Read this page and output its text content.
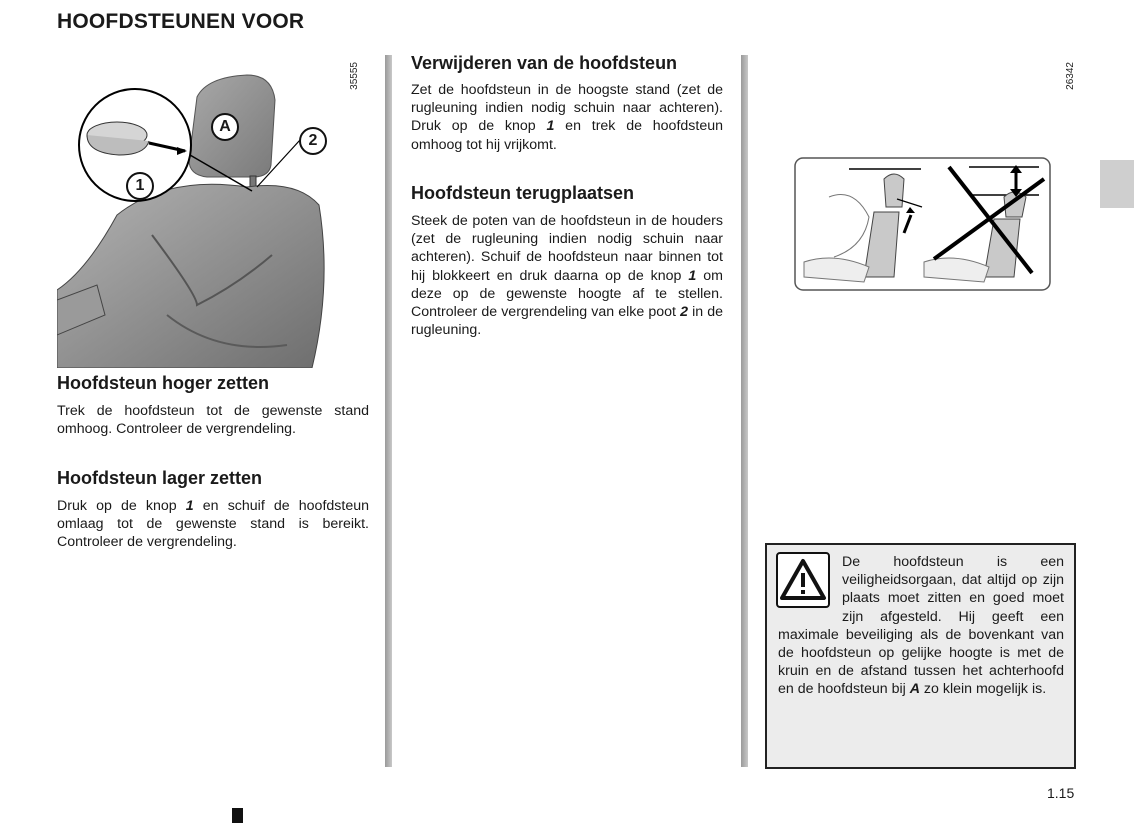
HOOFDSTEUNEN VOOR
A
2
1
35555
Hoofdsteun hoger zetten

Trek de hoofdsteun tot de gewenste stand omhoog. Controleer de vergrendeling.

Hoofdsteun lager zetten

Druk op de knop 1 en schuif de hoofdsteun omlaag tot de gewenste stand is bereikt. Controleer de vergrendeling.

Verwijderen van de hoofdsteun

Zet de hoofdsteun in de hoogste stand (zet de rugleuning indien nodig schuin naar achteren). Druk op de knop 1 en trek de hoofdsteun omhoog tot hij vrijkomt.

Hoofdsteun terugplaatsen

Steek de poten van de hoofdsteun in de houders (zet de rugleuning indien nodig schuin naar achteren). Schuif de hoofdsteun naar binnen tot hij blokkeert en druk daarna op de knop 1 om deze op de gewenste hoogte af te stellen. Controleer de vergrendeling van elke poot 2 in de rugleuning.

26342

De hoofdsteun is een veiligheidsorgaan, dat altijd op zijn plaats moet zitten en goed moet zijn afgesteld. Hij geeft een maximale beveiliging als de bovenkant van de hoofdsteun op gelijke hoogte is met de kruin en de afstand tussen het achterhoofd en de hoofdsteun bij A zo klein mogelijk is.

1.15
